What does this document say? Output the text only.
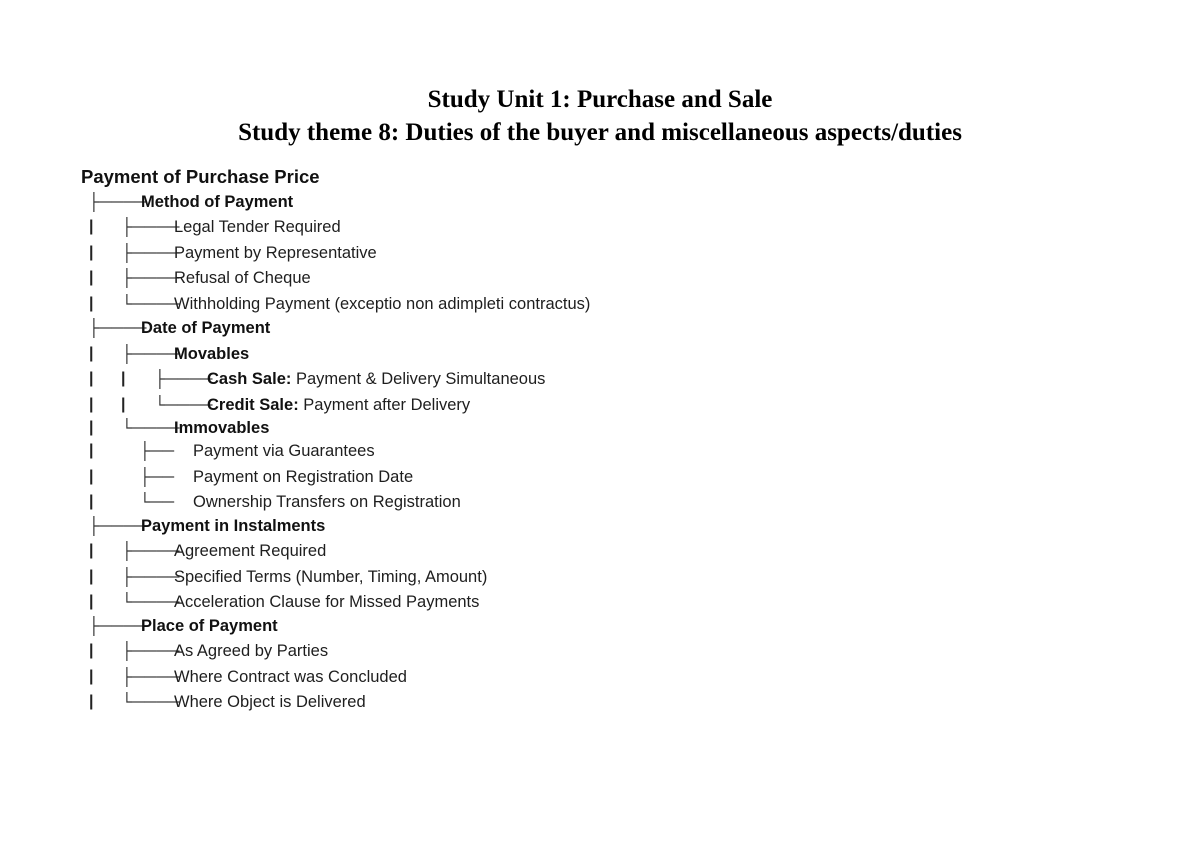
Study Unit 1: Purchase and Sale
Study theme 8: Duties of the buyer and miscellaneous aspects/duties
Payment of Purchase Price
├────
Method of Payment
| ├────
Legal Tender Required
| ├────
Payment by Representative
| ├────
Refusal of Cheque
| └────
Withholding Payment (exceptio non adimpleti contractus)
├────
Date of Payment
| ├────
Movables
| | ├────
Cash Sale: Payment & Delivery Simultaneous
| | └────
Credit Sale: Payment after Delivery
| └────
Immovables
|	├── Payment via Guarantees
|	├── Payment on Registration Date
|	└── Ownership Transfers on Registration
├────
Payment in Instalments
| ├────
Agreement Required
| ├────
Specified Terms (Number, Timing, Amount)
| └────
Acceleration Clause for Missed Payments
├────
Place of Payment
| ├────
As Agreed by Parties
| ├────
Where Contract was Concluded
| └────
Where Object is Delivered
